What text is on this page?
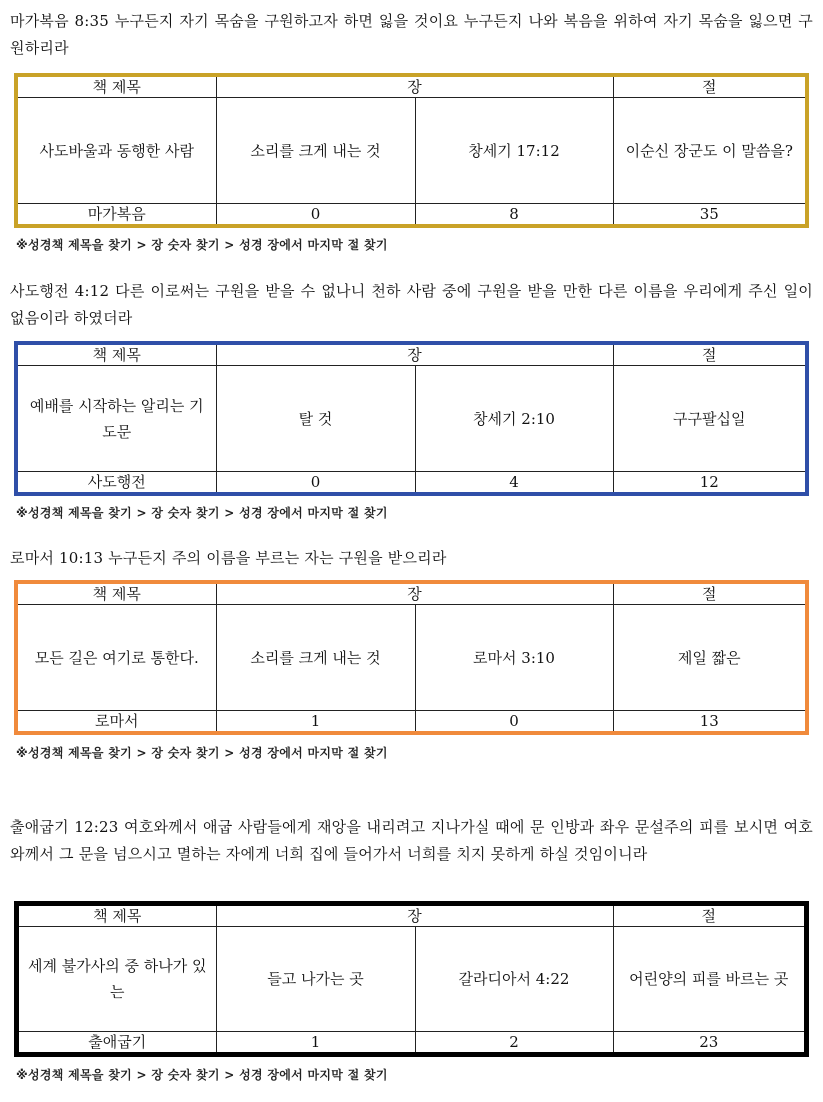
마가복음 8:35 누구든지 자기 목숨을 구원하고자 하면 잃을 것이요 누구든지 나와 복음을 위하여 자기 목숨을 잃으면 구원하리라

책 제목	장		절
사도바울과 동행한 사람	소리를 크게 내는 것	창세기 17:12	이순신 장군도 이 말씀을?
마가복음	0	8	35
※성경책 제목을 찾기 > 장 숫자 찾기 > 성경 장에서 마지막 절 찾기

사도행전 4:12 다른 이로써는 구원을 받을 수 없나니 천하 사람 중에 구원을 받을 만한 다른 이름을 우리에게 주신 일이 없음이라 하였더라

책 제목	장		절
예배를 시작하는 알리는 기도문	탈 것	창세기 2:10	구구팔십일
사도행전	0	4	12
※성경책 제목을 찾기 > 장 숫자 찾기 > 성경 장에서 마지막 절 찾기

로마서 10:13 누구든지 주의 이름을 부르는 자는 구원을 받으리라

책 제목	장		절
모든 길은 여기로 통한다.	소리를 크게 내는 것	로마서 3:10	제일 짧은
로마서	1	0	13
※성경책 제목을 찾기 > 장 숫자 찾기 > 성경 장에서 마지막 절 찾기

출애굽기 12:23 여호와께서 애굽 사람들에게 재앙을 내리려고 지나가실 때에 문 인방과 좌우 문설주의 피를 보시면 여호와께서 그 문을 넘으시고 멸하는 자에게 너희 집에 들어가서 너희를 치지 못하게 하실 것임이니라

책 제목	장		절
세계 불가사의 중 하나가 있는	들고 나가는 곳	갈라디아서 4:22	어린양의 피를 바르는 곳
출애굽기	1	2	23
※성경책 제목을 찾기 > 장 숫자 찾기 > 성경 장에서 마지막 절 찾기
